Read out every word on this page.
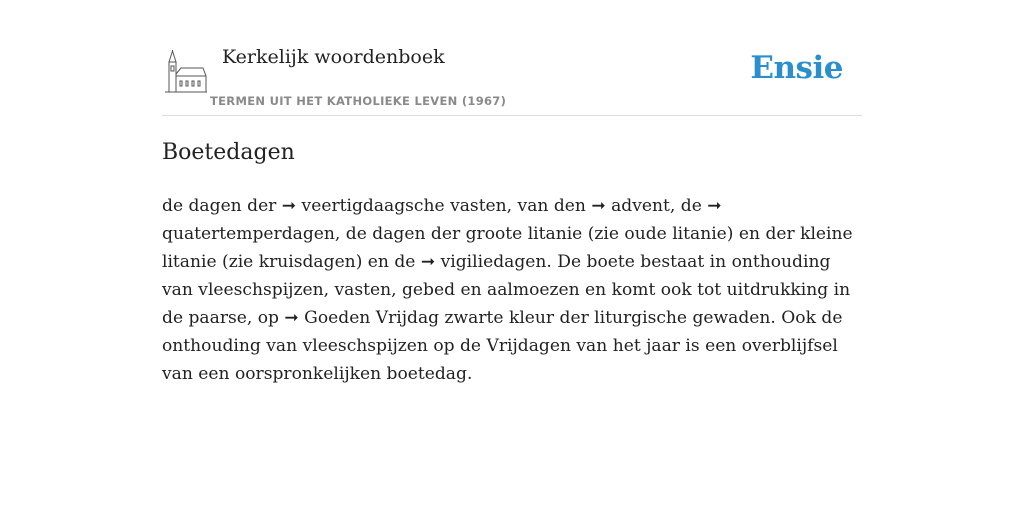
Kerkelijk woordenboek
TERMEN UIT HET KATHOLIEKE LEVEN (1967)
Ensie
Boetedagen

de dagen der ➞ veertigdaagsche vasten, van den ➞ advent, de ➞ quatertemperdagen, de dagen der groote litanie (zie oude litanie) en der kleine litanie (zie kruisdagen) en de ➞ vigiliedagen. De boete bestaat in onthouding van vleeschspijzen, vasten, gebed en aalmoezen en komt ook tot uitdrukking in de paarse, op ➞ Goeden Vrijdag zwarte kleur der liturgische gewaden. Ook de onthouding van vleeschspijzen op de Vrijdagen van het jaar is een overblijfsel van een oorspronkelijken boetedag.
